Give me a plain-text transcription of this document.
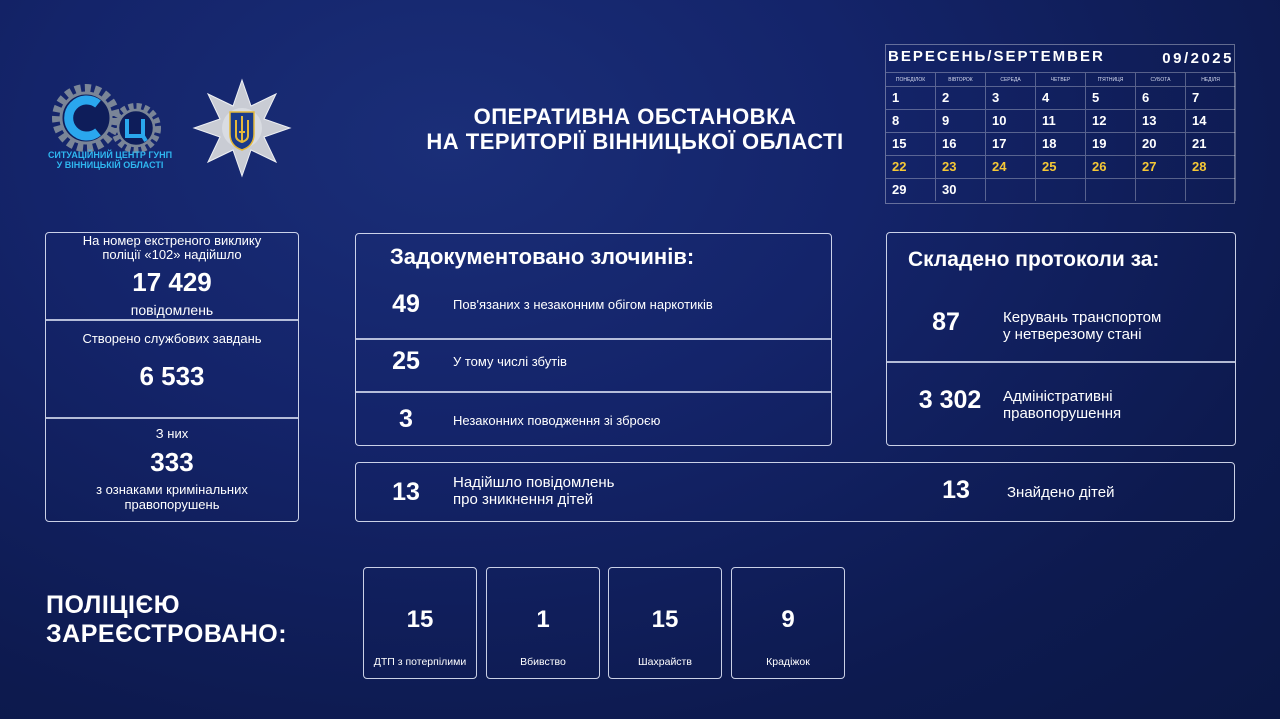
СИТУАЦІЙНИЙ ЦЕНТР ГУНП
У ВІННИЦЬКІЙ ОБЛАСТІ
ОПЕРАТИВНА ОБСТАНОВКА
НА ТЕРИТОРІЇ ВІННИЦЬКОЇ ОБЛАСТІ
ВЕРЕСЕНЬ/SEPTEMBER	09/2025
ПОНЕДІЛОК	ВІВТОРОК	СЕРЕДА	ЧЕТВЕР	П'ЯТНИЦЯ	СУБОТА	НЕДІЛЯ
1	2	3	4	5	6	7
8	9	10	11	12	13	14
15	16	17	18	19	20	21
22	23	24	25	26	27	28
29	30
На номер екстреного виклику
поліції «102» надійшло
17 429
повідомлень
Створено службових завдань
6 533
З них
333
з ознаками кримінальних
правопорушень
Задокументовано злочинів:
49	Пов'язаних з незаконним обігом наркотиків
25	У тому числі збутів
3	Незаконних поводження зі зброєю
Складено протоколи за:
87	Керувань транспортом
у нетверезому стані
3 302	Адміністративні
правопорушення
13	Надійшло повідомлень
про зникнення дітей	13	Знайдено дітей
ПОЛІЦІЄЮ
ЗАРЕЄСТРОВАНО:
15
ДТП з потерпілими
1
Вбивство
15
Шахрайств
9
Крадіжок
